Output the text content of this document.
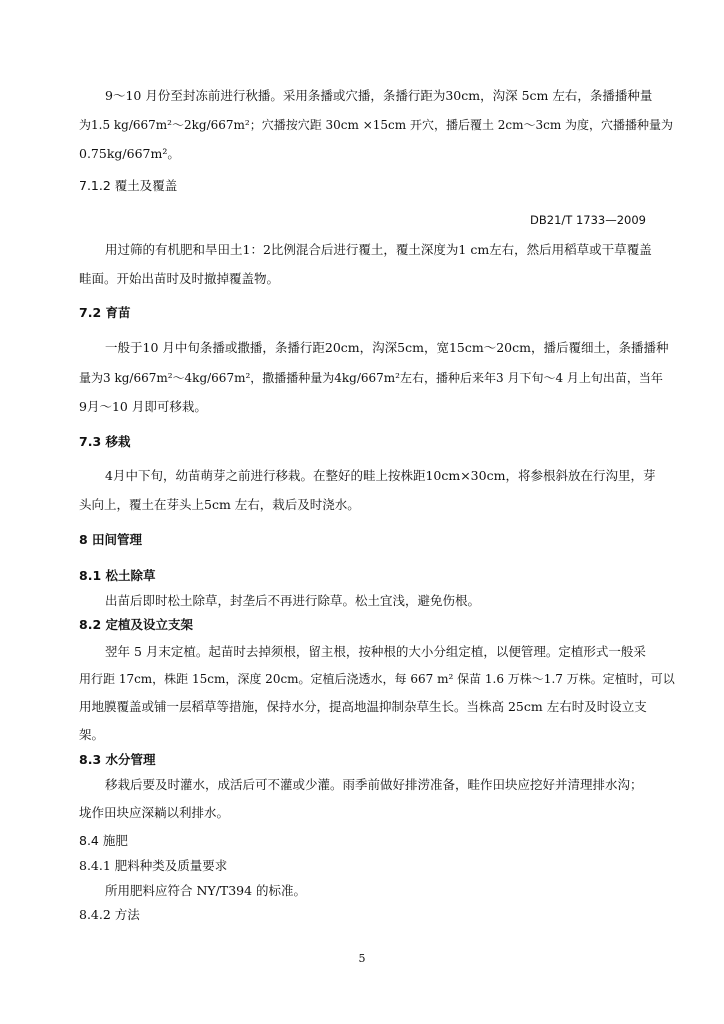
9～10 月份至封冻前进行秋播。采用条播或穴播，条播行距为30cm，沟深 5cm 左右，条播播种量
为1.5 kg/667m²～2kg/667m²；穴播按穴距 30cm ×15cm 开穴，播后覆土 2cm～3cm 为度，穴播播种量为
0.75kg/667m²。
7.1.2 覆土及覆盖
DB21/T 1733—2009
用过筛的有机肥和旱田土1：2比例混合后进行覆土，覆土深度为1 cm左右，然后用稻草或干草覆盖
畦面。开始出苗时及时撤掉覆盖物。
7.2 育苗
一般于10 月中旬条播或撒播，条播行距20cm，沟深5cm，宽15cm～20cm，播后覆细土，条播播种
量为3 kg/667m²～4kg/667m²，撒播播种量为4kg/667m²左右，播种后来年3 月下旬～4 月上旬出苗，当年
9月～10 月即可移栽。
7.3 移栽
4月中下旬，幼苗萌芽之前进行移栽。在整好的畦上按株距10cm×30cm，将参根斜放在行沟里，芽
头向上，覆土在芽头上5cm 左右，栽后及时浇水。
8 田间管理
8.1 松土除草
出苗后即时松土除草，封垄后不再进行除草。松土宜浅，避免伤根。
8.2 定植及设立支架
翌年 5 月末定植。起苗时去掉须根，留主根，按种根的大小分组定植，以便管理。定植形式一般采
用行距 17cm，株距 15cm，深度 20cm。定植后浇透水，每 667 m² 保苗 1.6 万株～1.7 万株。定植时，可以
用地膜覆盖或铺一层稻草等措施，保持水分，提高地温抑制杂草生长。当株高 25cm 左右时及时设立支
架。
8.3 水分管理
移栽后要及时灌水，成活后可不灌或少灌。雨季前做好排涝准备，畦作田块应挖好并清理排水沟；
垅作田块应深耥以利排水。
8.4 施肥
8.4.1 肥料种类及质量要求
所用肥料应符合 NY/T394 的标准。
8.4.2 方法
5
